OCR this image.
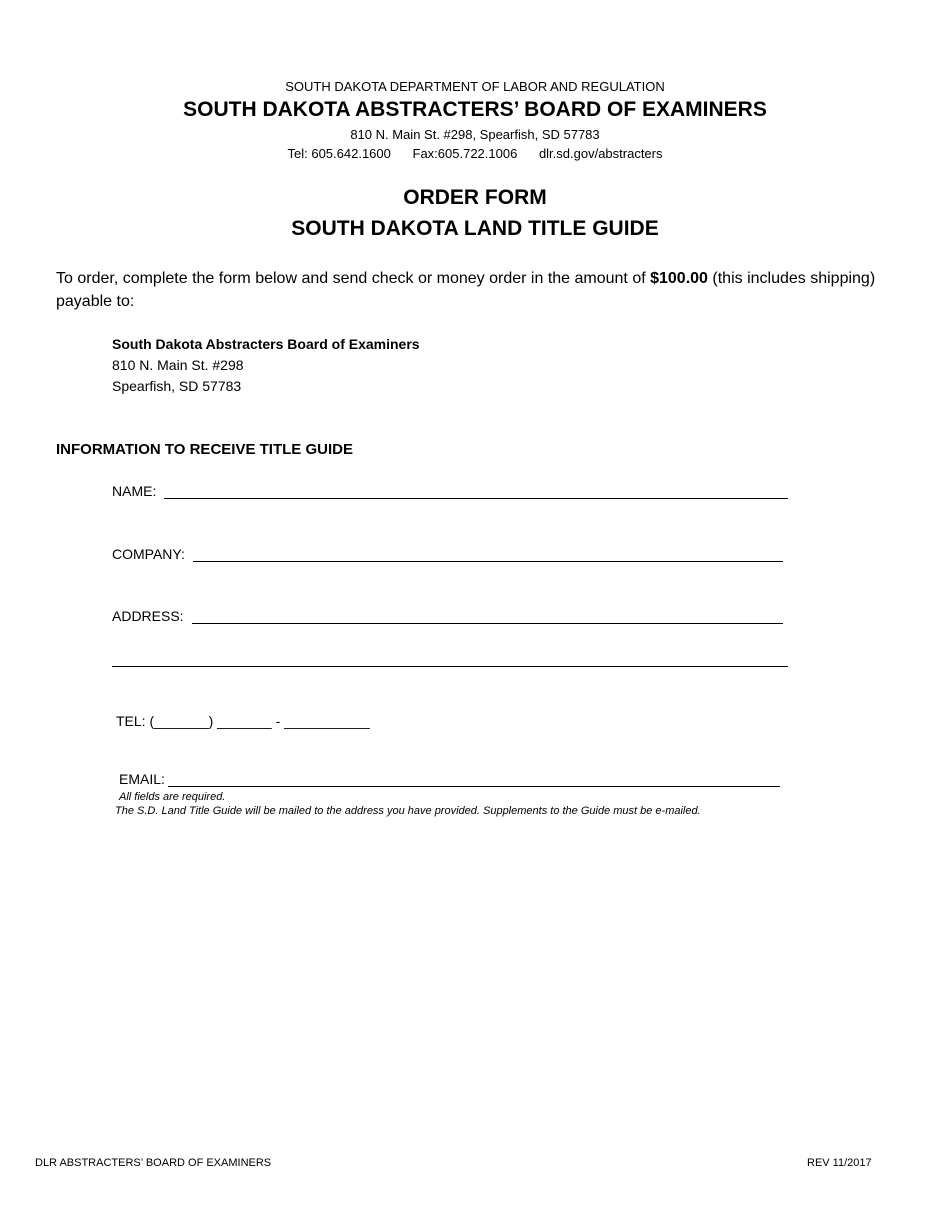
SOUTH DAKOTA DEPARTMENT OF LABOR AND REGULATION
SOUTH DAKOTA ABSTRACTERS’ BOARD OF EXAMINERS
810 N. Main St. #298, Spearfish, SD 57783
Tel: 605.642.1600 Fax:605.722.1006 dlr.sd.gov/abstracters
ORDER FORM
SOUTH DAKOTA LAND TITLE GUIDE
To order, complete the form below and send check or money order in the amount of $100.00 (this includes shipping) payable to:
South Dakota Abstracters Board of Examiners
810 N. Main St. #298
Spearfish, SD 57783
INFORMATION TO RECEIVE TITLE GUIDE
NAME:
COMPANY:
ADDRESS:
TEL: (_______) _______ - ___________
EMAIL:
All fields are required.
The S.D. Land Title Guide will be mailed to the address you have provided. Supplements to the Guide must be e-mailed.
DLR ABSTRACTERS’ BOARD OF EXAMINERS	REV 11/2017
